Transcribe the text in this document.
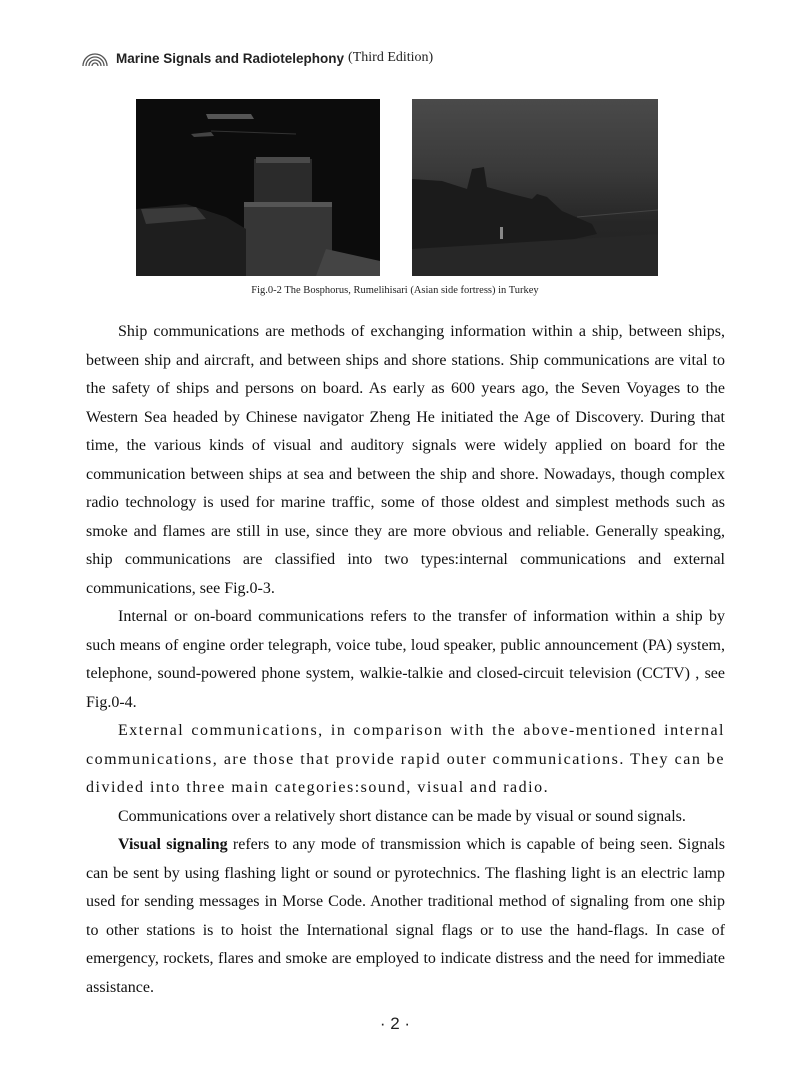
Marine Signals and Radiotelephony (Third Edition)
Fig.0-2 The Bosphorus, Rumelihisari (Asian side fortress) in Turkey

Ship communications are methods of exchanging information within a ship, between ships, between ship and aircraft, and between ships and shore stations. Ship communications are vital to the safety of ships and persons on board. As early as 600 years ago, the Seven Voyages to the Western Sea headed by Chinese navigator Zheng He initiated the Age of Discovery. During that time, the various kinds of visual and auditory signals were widely applied on board for the communication between ships at sea and between the ship and shore. Nowadays, though complex radio technology is used for marine traffic, some of those oldest and simplest methods such as smoke and flames are still in use, since they are more obvious and reliable. Generally speaking, ship communications are classified into two types:internal communications and external communications, see Fig.0-3.

Internal or on-board communications refers to the transfer of information within a ship by such means of engine order telegraph, voice tube, loud speaker, public announcement (PA) system, telephone, sound-powered phone system, walkie-talkie and closed-circuit television (CCTV) , see Fig.0-4.

External communications, in comparison with the above-mentioned internal communications, are those that provide rapid outer communications. They can be divided into three main categories:sound, visual and radio.

Communications over a relatively short distance can be made by visual or sound signals.

Visual signaling refers to any mode of transmission which is capable of being seen. Signals can be sent by using flashing light or sound or pyrotechnics. The flashing light is an electric lamp used for sending messages in Morse Code. Another traditional method of signaling from one ship to other stations is to hoist the International signal flags or to use the hand-flags. In case of emergency, rockets, flares and smoke are employed to indicate distress and the need for immediate assistance.

· 2 ·
